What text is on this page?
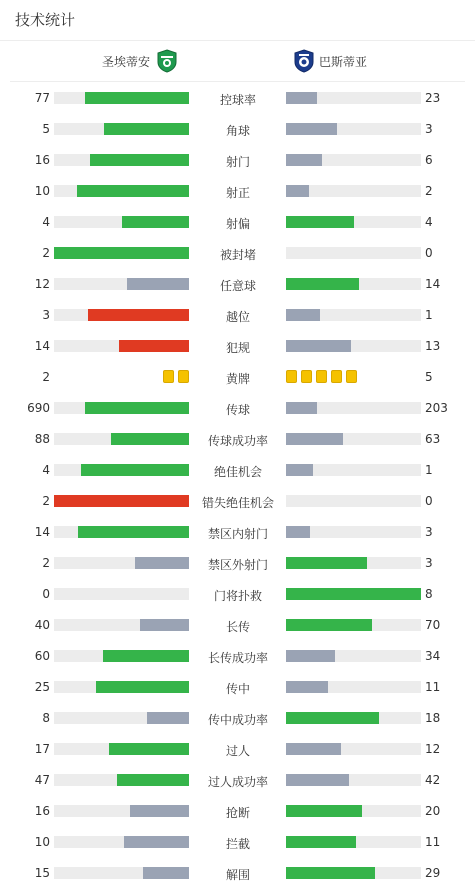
技术统计
圣埃蒂安	巴斯蒂亚
77	控球率	23
5	角球	3
16	射门	6
10	射正	2
4	射偏	4
2	被封堵	0
12	任意球	14
3	越位	1
14	犯规	13
2	黄牌	5
690	传球	203
88	传球成功率	63
4	绝佳机会	1
2	错失绝佳机会	0
14	禁区内射门	3
2	禁区外射门	3
0	门将扑救	8
40	长传	70
60	长传成功率	34
25	传中	11
8	传中成功率	18
17	过人	12
47	过人成功率	42
16	抢断	20
10	拦截	11
15	解围	29
